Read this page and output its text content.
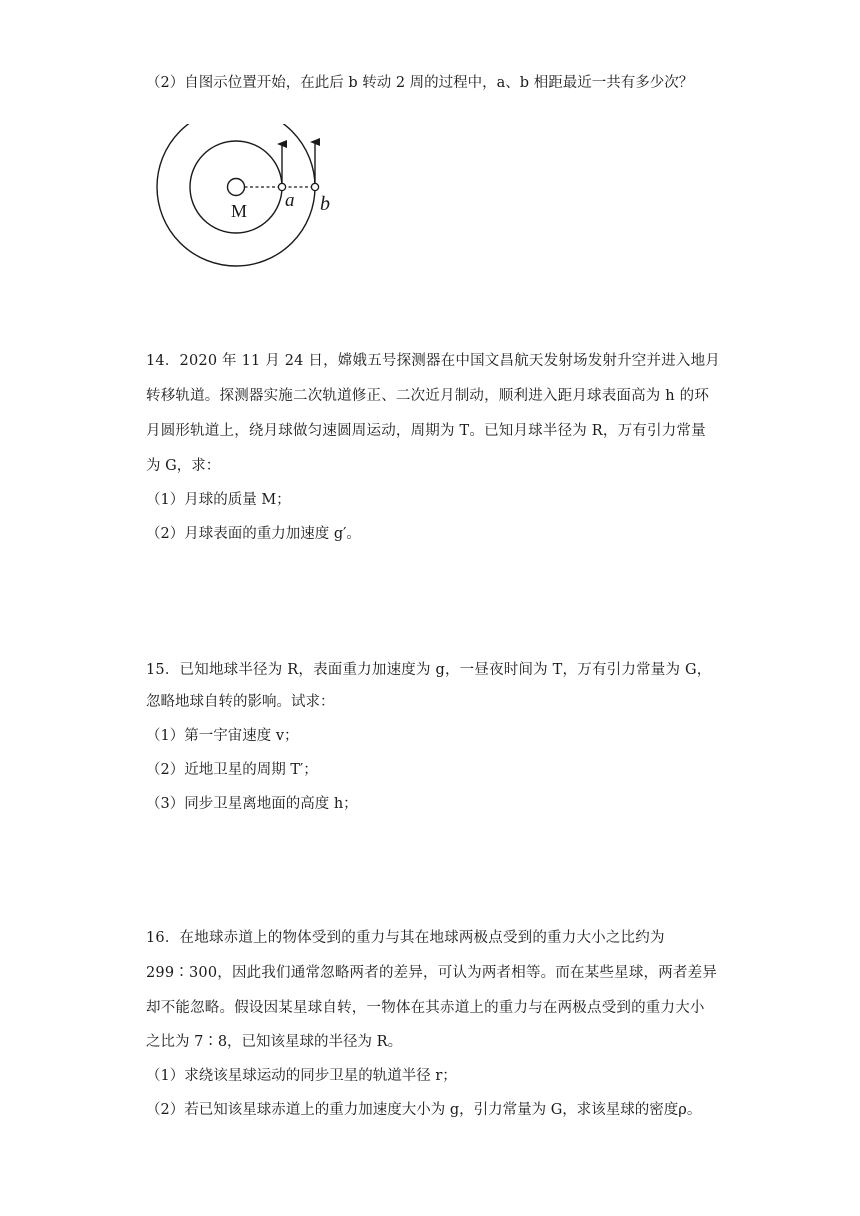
（2）自图示位置开始，在此后 b 转动 2 周的过程中，a、b 相距最近一共有多少次？
M a b
14．2020 年 11 月 24 日，嫦娥五号探测器在中国文昌航天发射场发射升空并进入地月
转移轨道。探测器实施二次轨道修正、二次近月制动，顺利进入距月球表面高为 h 的环
月圆形轨道上，绕月球做匀速圆周运动，周期为 T。已知月球半径为 R，万有引力常量
为 G，求：
（1）月球的质量 M；
（2）月球表面的重力加速度 g′。
15．已知地球半径为 R，表面重力加速度为 g，一昼夜时间为 T，万有引力常量为 G，
忽略地球自转的影响。试求：
（1）第一宇宙速度 v；
（2）近地卫星的周期 T′；
（3）同步卫星离地面的高度 h；
16．在地球赤道上的物体受到的重力与其在地球两极点受到的重力大小之比约为
299∶300，因此我们通常忽略两者的差异，可认为两者相等。而在某些星球，两者差异
却不能忽略。假设因某星球自转，一物体在其赤道上的重力与在两极点受到的重力大小
之比为 7∶8，已知该星球的半径为 R。
（1）求绕该星球运动的同步卫星的轨道半径 r；
（2）若已知该星球赤道上的重力加速度大小为 g，引力常量为 G，求该星球的密度ρ。
